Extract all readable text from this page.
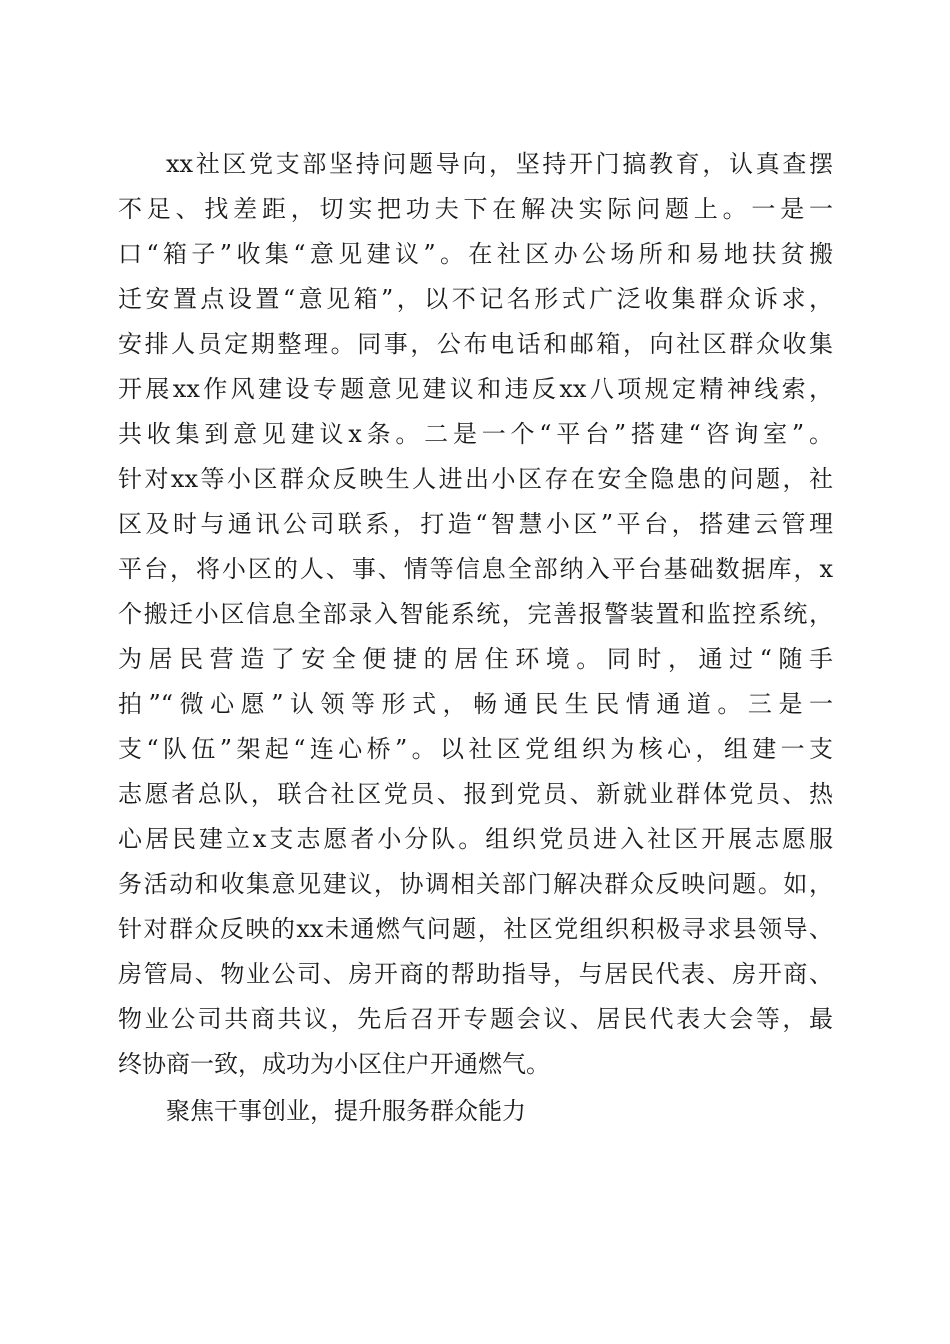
xx社区党支部坚持问题导向，坚持开门搞教育，认真查摆
不足、找差距，切实把功夫下在解决实际问题上。一是一
口“箱子”收集“意见建议”。在社区办公场所和易地扶贫搬
迁安置点设置“意见箱”，以不记名形式广泛收集群众诉求，
安排人员定期整理。同事，公布电话和邮箱，向社区群众收集
开展xx作风建设专题意见建议和违反xx八项规定精神线索，
共收集到意见建议x条。二是一个“平台”搭建“咨询室”。
针对xx等小区群众反映生人进出小区存在安全隐患的问题，社
区及时与通讯公司联系，打造“智慧小区”平台，搭建云管理
平台，将小区的人、事、情等信息全部纳入平台基础数据库，x
个搬迁小区信息全部录入智能系统，完善报警装置和监控系统，
为居民营造了安全便捷的居住环境。同时，通过“随手
拍”“微心愿”认领等形式，畅通民生民情通道。三是一
支“队伍”架起“连心桥”。以社区党组织为核心，组建一支
志愿者总队，联合社区党员、报到党员、新就业群体党员、热
心居民建立x支志愿者小分队。组织党员进入社区开展志愿服
务活动和收集意见建议，协调相关部门解决群众反映问题。如，
针对群众反映的xx未通燃气问题，社区党组织积极寻求县领导、
房管局、物业公司、房开商的帮助指导，与居民代表、房开商、
物业公司共商共议，先后召开专题会议、居民代表大会等，最
终协商一致，成功为小区住户开通燃气。
聚焦干事创业，提升服务群众能力
